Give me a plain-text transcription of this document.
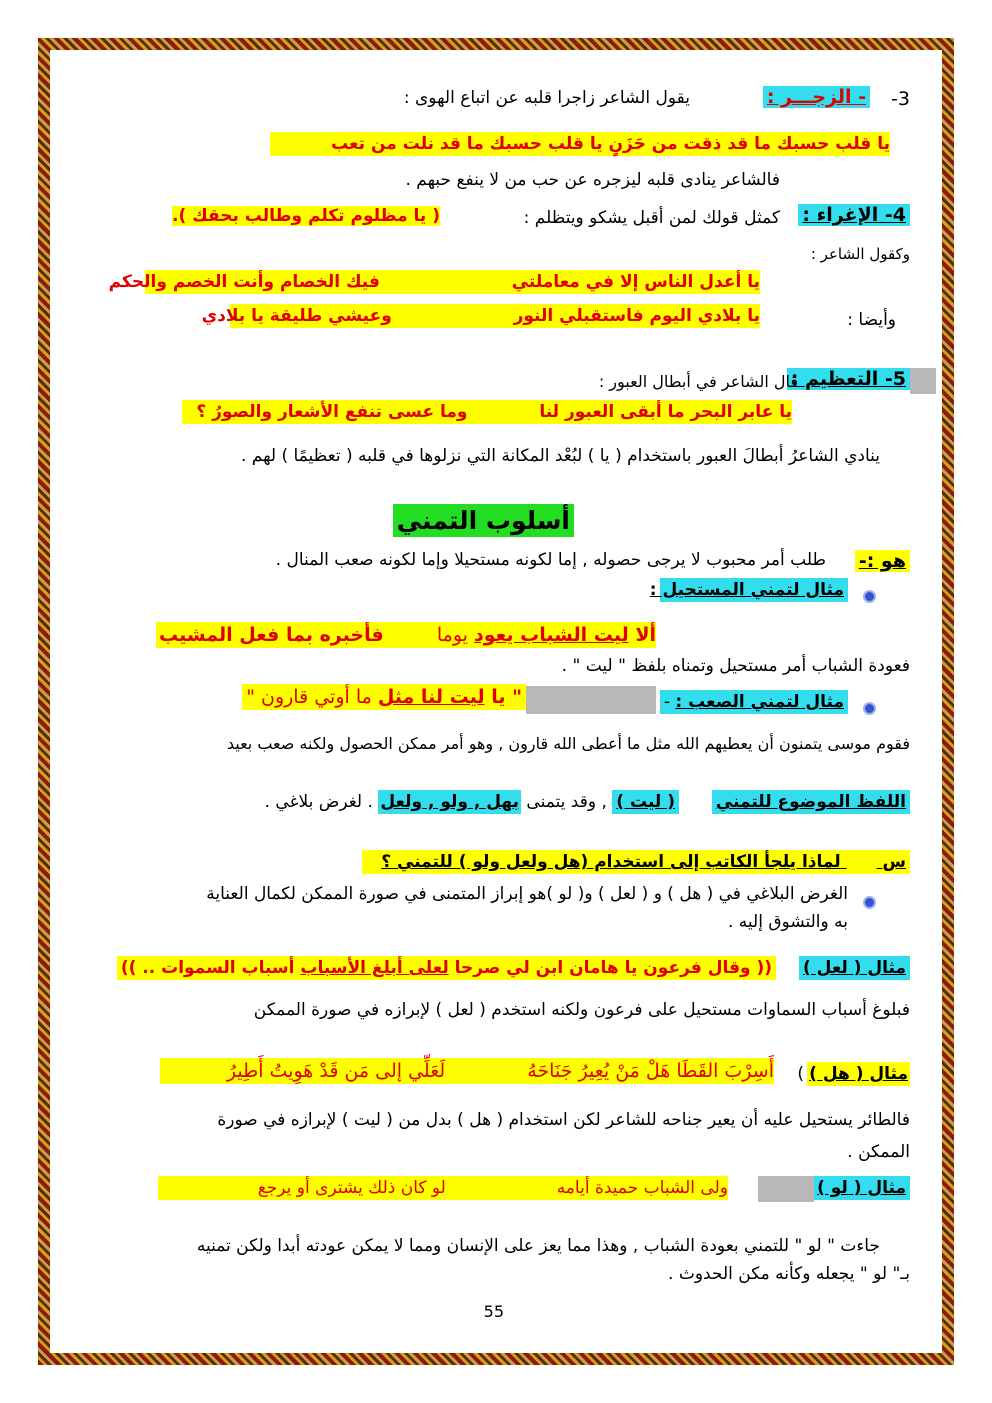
3-
- الزجـــر :
يقول الشاعر زاجرا قلبه عن اتباع الهوى :
يا قلب حسبك ما قد ذقت من حَزَنٍ يا قلب حسبك ما قد نلت من تعب
فالشاعر ينادى قلبه ليزجره عن حب من لا ينفع حبهم .
4- الإغراء :
كمثل قولك لمن أقبل يشكو ويتظلم :
( يا مظلوم تكلم وطالب بحقك ).
وكقول الشاعر :
يا أعدل الناس إلا في معاملتي  فيك الخصام وأنت الخصم والحكم
وأيضا :
يا بلادي اليوم فاستقبلي النور  وعيشي طليقة يا بلادي
5- التعظيم :
قال الشاعر في أبطال العبور :
يا عابر البحر ما أبقى العبور لنا  وما عسى تنفع الأشعار والصورُ ؟
ينادي الشاعرُ أبطالَ العبور باستخدام ( يا ) لبُعْد المكانة التي نزلوها في قلبه ( تعظيمًا ) لهم .
أسلوب التمني
هو :-
طلب أمر محبوب لا يرجى حصوله , إما لكونه مستحيلا وإما لكونه صعب المنال .
مثال لتمني المستحيل :
ألا ليت الشباب يعود يوما  فأخبره بما فعل المشيب
فعودة الشباب أمر مستحيل وتمناه بلفظ " ليت " .
مثال لتمني الصعب :
-
" يا ليت لنا مثل ما أوتي قارون "
فقوم موسى يتمنون أن يعطيهم الله مثل ما أعطى الله قارون , وهو أمر ممكن الحصول ولكنه صعب بعيد
اللفظ الموضوع للتمني  ( ليت ) , وقد يتمنى بهل , ولو , ولعل . لغرض بلاغي .
س  لماذا يلجأ الكاتب إلى استخدام (هل ولعل ولو ) للتمني ؟
الغرض البلاغي في ( هل ) و ( لعل ) و( لو )هو إبراز المتمنى في صورة الممكن لكمال العناية
به والتشوق إليه .
مثال ( لعل )
(( وقال فرعون يا هامان ابن لي صرحا لعلى أبلغ الأسباب أسباب السموات .. ))
فبلوغ أسباب السماوات مستحيل على فرعون ولكنه استخدم ( لعل ) لإبرازه في صورة الممكن
مثال ( هل )
)
أَسِرْبَ القَطَا هَلْ مَنْ يُعِيرُ جَنَاحَهُ  لَعَلِّي إلى مَن قَدْ هَوِيتُ أَطِيرُ
فالطائر يستحيل عليه أن يعير جناحه للشاعر لكن استخدام ( هل ) بدل من ( ليت ) لإبرازه في صورة
الممكن .
مثال ( لو )
ولى الشباب حميدة أيامه  لو كان ذلك يشترى أو يرجع
جاءت " لو " للتمني بعودة الشباب , وهذا مما يعز على الإنسان ومما لا يمكن عودته أبدا ولكن تمنيه
بـ" لو " يجعله وكأنه مكن الحدوث .
55
